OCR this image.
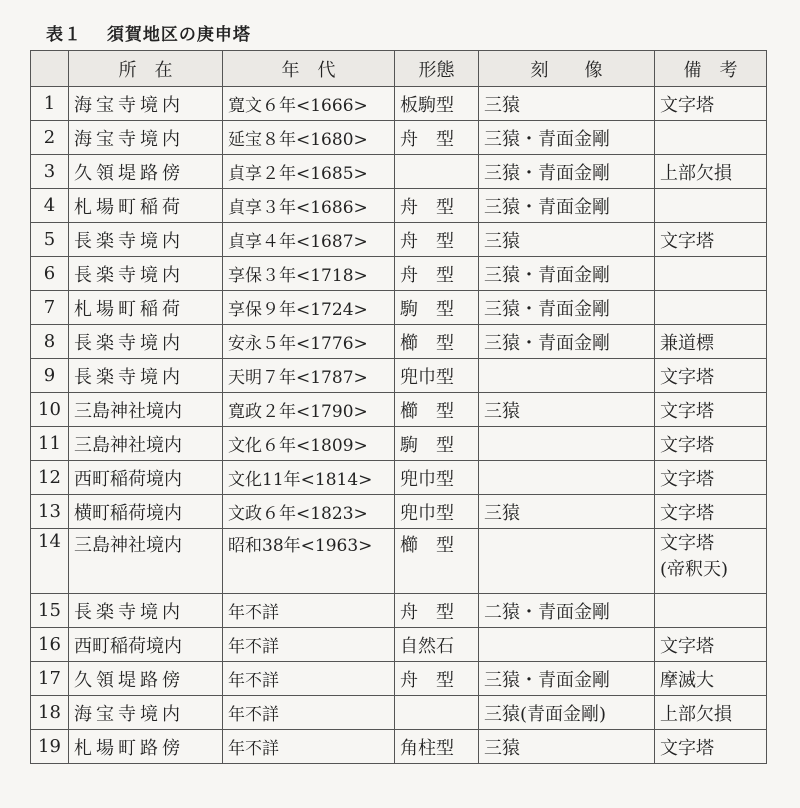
表１ 須賀地区の庚申塔
	所　在	年　代	形態	刻　　像	備　考
1	海宝寺境内	寛文６年<1666>	板駒型	三猿	文字塔
2	海宝寺境内	延宝８年<1680>	舟　型	三猿・青面金剛	
3	久領堤路傍	貞享２年<1685>		三猿・青面金剛	上部欠損
4	札場町稲荷	貞享３年<1686>	舟　型	三猿・青面金剛	
5	長楽寺境内	貞享４年<1687>	舟　型	三猿	文字塔
6	長楽寺境内	享保３年<1718>	舟　型	三猿・青面金剛	
7	札場町稲荷	享保９年<1724>	駒　型	三猿・青面金剛	
8	長楽寺境内	安永５年<1776>	櫛　型	三猿・青面金剛	兼道標
9	長楽寺境内	天明７年<1787>	兜巾型		文字塔
10	三島神社境内	寛政２年<1790>	櫛　型	三猿	文字塔
11	三島神社境内	文化６年<1809>	駒　型		文字塔
12	西町稲荷境内	文化11年<1814>	兜巾型		文字塔
13	横町稲荷境内	文政６年<1823>	兜巾型	三猿	文字塔
14	三島神社境内	昭和38年<1963>	櫛　型		文字塔
(帝釈天)
15	長楽寺境内	年不詳	舟　型	二猿・青面金剛	
16	西町稲荷境内	年不詳	自然石		文字塔
17	久領堤路傍	年不詳	舟　型	三猿・青面金剛	摩滅大
18	海宝寺境内	年不詳		三猿(青面金剛)	上部欠損
19	札場町路傍	年不詳	角柱型	三猿	文字塔
